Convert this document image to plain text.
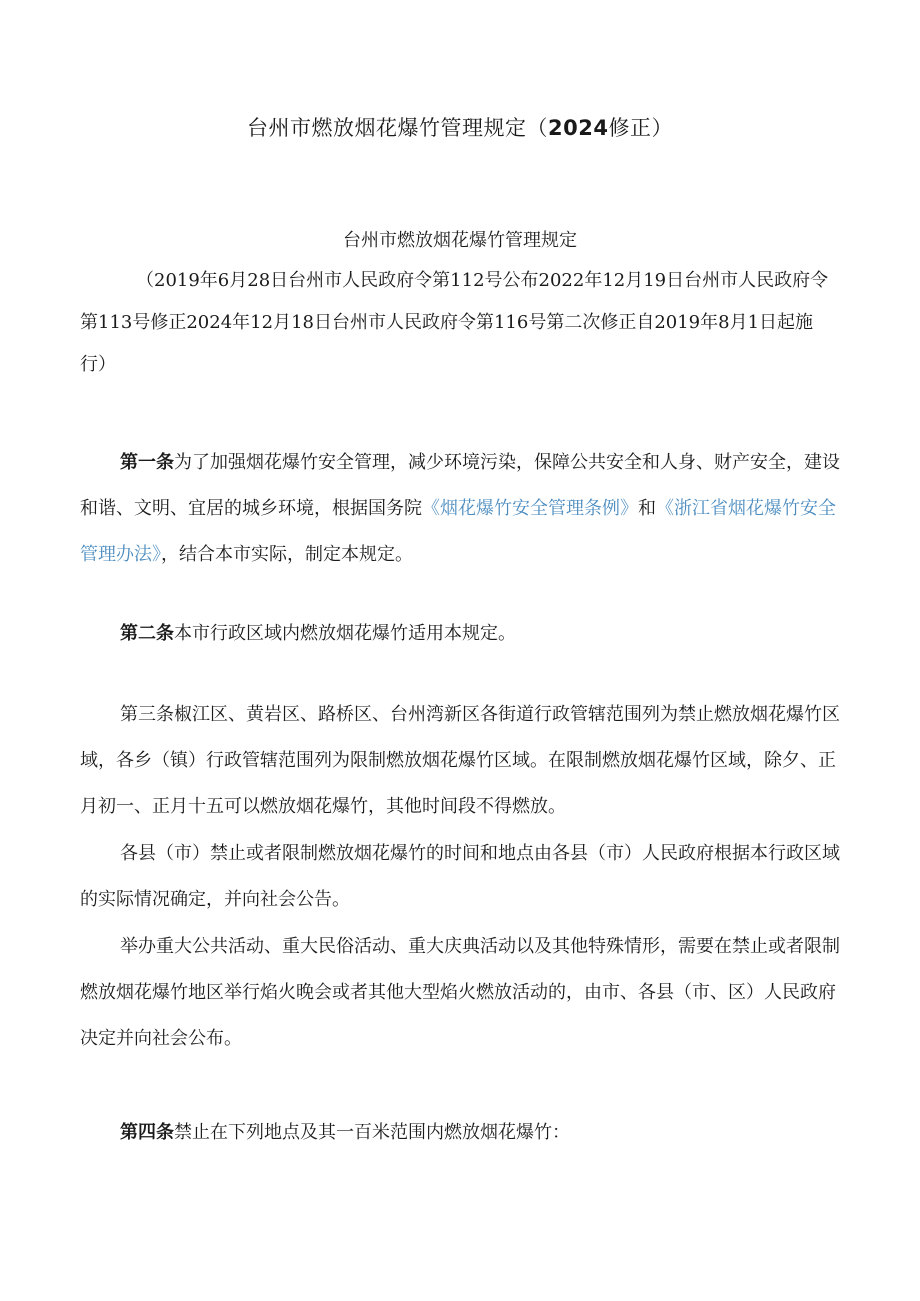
台州市燃放烟花爆竹管理规定（2024修正）
台州市燃放烟花爆竹管理规定
（2019年6月28日台州市人民政府令第112号公布2022年12月19日台州市人民政府令第113号修正2024年12月18日台州市人民政府令第116号第二次修正自2019年8月1日起施行）
第一条为了加强烟花爆竹安全管理，减少环境污染，保障公共安全和人身、财产安全，建设和谐、文明、宜居的城乡环境，根据国务院《烟花爆竹安全管理条例》和《浙江省烟花爆竹安全管理办法》，结合本市实际，制定本规定。
第二条本市行政区域内燃放烟花爆竹适用本规定。
第三条椒江区、黄岩区、路桥区、台州湾新区各街道行政管辖范围列为禁止燃放烟花爆竹区域，各乡（镇）行政管辖范围列为限制燃放烟花爆竹区域。在限制燃放烟花爆竹区域，除夕、正月初一、正月十五可以燃放烟花爆竹，其他时间段不得燃放。
各县（市）禁止或者限制燃放烟花爆竹的时间和地点由各县（市）人民政府根据本行政区域的实际情况确定，并向社会公告。
举办重大公共活动、重大民俗活动、重大庆典活动以及其他特殊情形，需要在禁止或者限制燃放烟花爆竹地区举行焰火晚会或者其他大型焰火燃放活动的，由市、各县（市、区）人民政府决定并向社会公布。
第四条禁止在下列地点及其一百米范围内燃放烟花爆竹：
